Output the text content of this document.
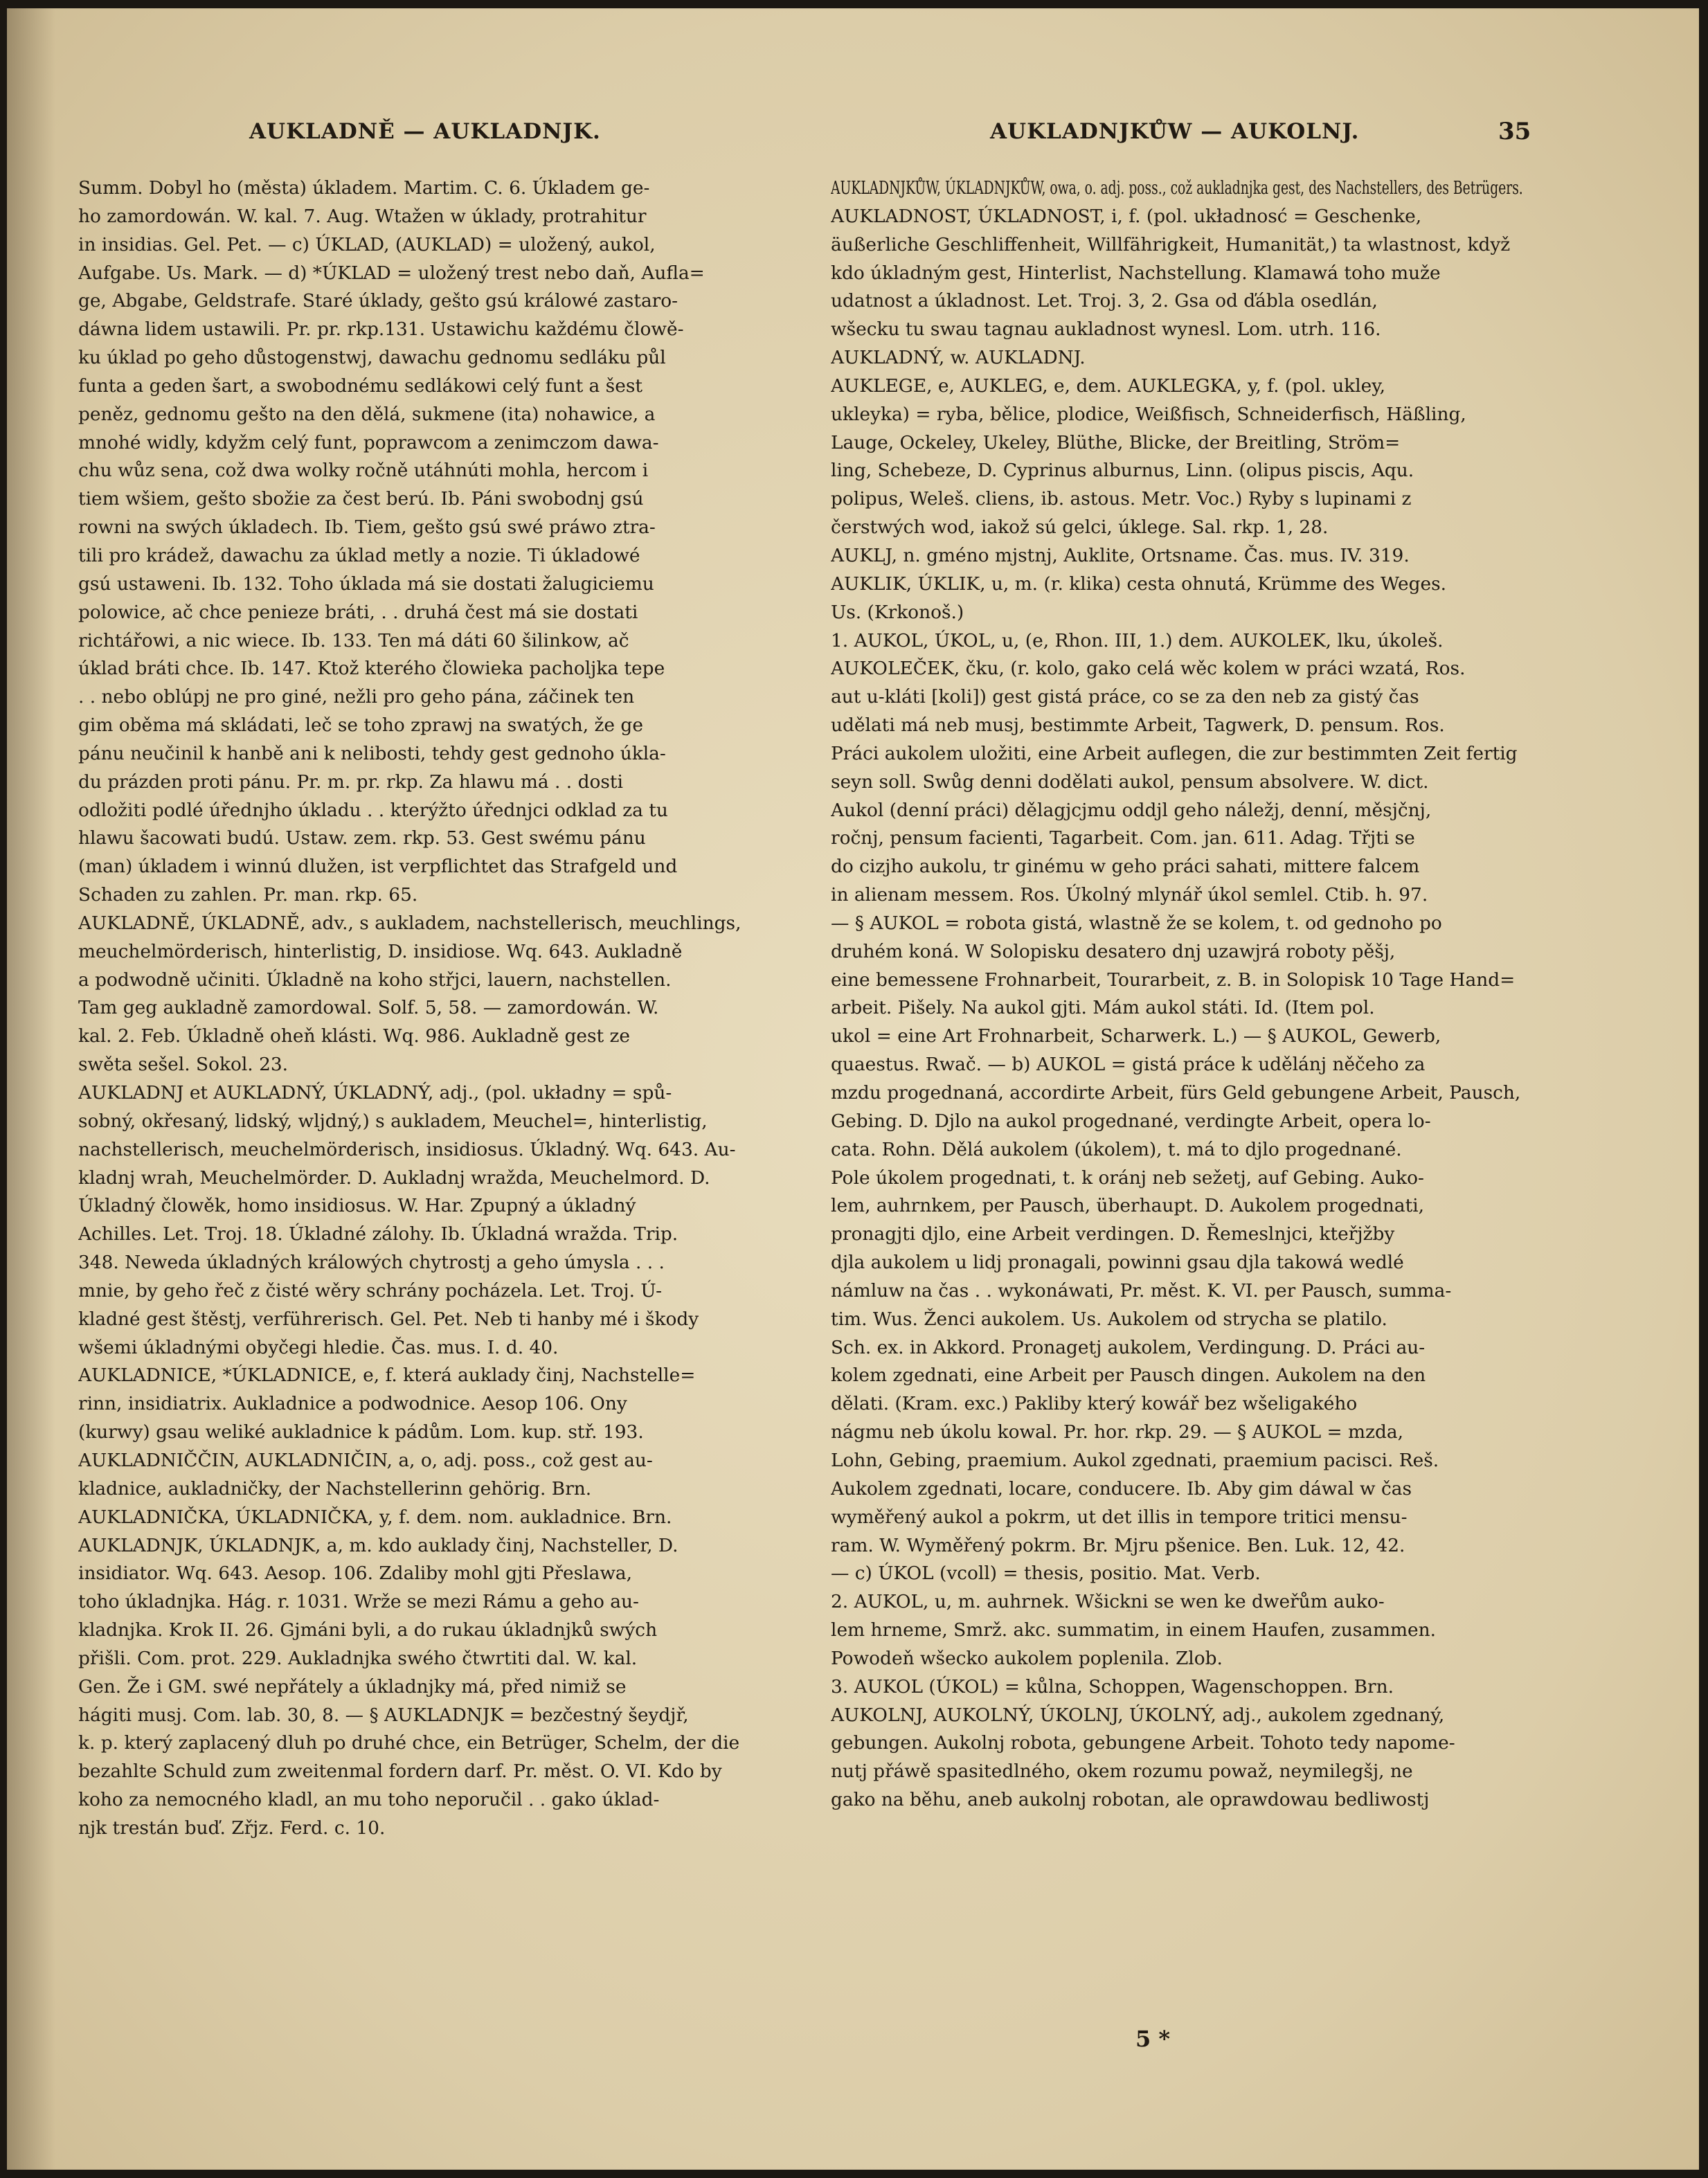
AUKLADNĚ — AUKLADNJK.	AUKLADNJKŮW — AUKOLNJ.	35
Summ. Dobyl ho (města) úkladem. Martim. C. 6. Úkladem ge-
ho zamordowán. W. kal. 7. Aug. Wtažen w úklady, protrahitur
in insidias. Gel. Pet. — c) ÚKLAD, (AUKLAD) = uložený, aukol,
Aufgabe. Us. Mark. — d) *ÚKLAD = uložený trest nebo daň, Aufla=
ge, Abgabe, Geldstrafe. Staré úklady, gešto gsú králowé zastaro-
dáwna lidem ustawili. Pr. pr. rkp.131. Ustawichu každému člowě-
ku úklad po geho důstogenstwj, dawachu gednomu sedláku půl
funta a geden šart, a swobodnému sedlákowi celý funt a šest
peněz, gednomu gešto na den dělá, sukmene (ita) nohawice, a
mnohé widly, kdyžm celý funt, poprawcom a zenimczom dawa-
chu wůz sena, což dwa wolky ročně utáhnúti mohla, hercom i
tiem wšiem, gešto sbožie za čest berú. Ib. Páni swobodnj gsú
rowni na swých úkladech. Ib. Tiem, gešto gsú swé práwo ztra-
tili pro krádež, dawachu za úklad metly a nozie. Ti úkladowé
gsú ustaweni. Ib. 132. Toho úklada má sie dostati žalugiciemu
polowice, ač chce penieze bráti, . . druhá čest má sie dostati
richtářowi, a nic wiece. Ib. 133. Ten má dáti 60 šilinkow, ač
úklad bráti chce. Ib. 147. Ktož kterého člowieka pacholjka tepe
. . nebo oblúpj ne pro giné, nežli pro geho pána, záčinek ten
gim oběma má skládati, leč se toho zprawj na swatých, že ge
pánu neučinil k hanbě ani k nelibosti, tehdy gest gednoho úkla-
du prázden proti pánu. Pr. m. pr. rkp. Za hlawu má . . dosti
odložiti podlé úřednjho úkladu . . kterýžto úřednjci odklad za tu
hlawu šacowati budú. Ustaw. zem. rkp. 53. Gest swému pánu
(man) úkladem i winnú dlužen, ist verpflichtet das Strafgeld und
Schaden zu zahlen. Pr. man. rkp. 65.
AUKLADNĚ, ÚKLADNĚ, adv., s aukladem, nachstellerisch, meuchlings,
meuchelmörderisch, hinterlistig, D. insidiose. Wq. 643. Aukladně
a podwodně učiniti. Úkladně na koho střjci, lauern, nachstellen.
Tam geg aukladně zamordowal. Solf. 5, 58. — zamordowán. W.
kal. 2. Feb. Úkladně oheň klásti. Wq. 986. Aukladně gest ze
swěta sešel. Sokol. 23.
AUKLADNJ et AUKLADNÝ, ÚKLADNÝ, adj., (pol. układny = spů-
sobný, okřesaný, lidský, wljdný,) s aukladem, Meuchel=, hinterlistig,
nachstellerisch, meuchelmörderisch, insidiosus. Úkladný. Wq. 643. Au-
kladnj wrah, Meuchelmörder. D. Aukladnj wražda, Meuchelmord. D.
Úkladný člowěk, homo insidiosus. W. Har. Zpupný a úkladný
Achilles. Let. Troj. 18. Úkladné zálohy. Ib. Úkladná wražda. Trip.
348. Neweda úkladných králowých chytrostj a geho úmysla . . .
mnie, by geho řeč z čisté wěry schrány pocházela. Let. Troj. Ú-
kladné gest štěstj, verführerisch. Gel. Pet. Neb ti hanby mé i škody
wšemi úkladnými obyčegi hledie. Čas. mus. I. d. 40.
AUKLADNICE, *ÚKLADNICE, e, f. která auklady činj, Nachstelle=
rinn, insidiatrix. Aukladnice a podwodnice. Aesop 106. Ony
(kurwy) gsau weliké aukladnice k pádům. Lom. kup. stř. 193.
AUKLADNIČČIN, AUKLADNIČIN, a, o, adj. poss., což gest au-
kladnice, aukladničky, der Nachstellerinn gehörig. Brn.
AUKLADNIČKA, ÚKLADNIČKA, y, f. dem. nom. aukladnice. Brn.
AUKLADNJK, ÚKLADNJK, a, m. kdo auklady činj, Nachsteller, D.
insidiator. Wq. 643. Aesop. 106. Zdaliby mohl gjti Přeslawa,
toho úkladnjka. Hág. r. 1031. Wrže se mezi Rámu a geho au-
kladnjka. Krok II. 26. Gjmáni byli, a do rukau úkladnjků swých
přišli. Com. prot. 229. Aukladnjka swého čtwrtiti dal. W. kal.
Gen. Že i GM. swé nepřátely a úkladnjky má, před nimiž se
hágiti musj. Com. lab. 30, 8. — § AUKLADNJK = bezčestný šeydjř,
k. p. který zaplacený dluh po druhé chce, ein Betrüger, Schelm, der die
bezahlte Schuld zum zweitenmal fordern darf. Pr. měst. O. VI. Kdo by
koho za nemocného kladl, an mu toho neporučil . . gako úklad-
njk trestán buď. Zřjz. Ferd. c. 10.
AUKLADNJKŮW, ÚKLADNJKŮW, owa, o. adj. poss., což aukladnjka gest, des Nachstellers, des Betrügers.
AUKLADNOST, ÚKLADNOST, i, f. (pol. układnosć = Geschenke,
äußerliche Geschliffenheit, Willfährigkeit, Humanität,) ta wlastnost, když
kdo úkladným gest, Hinterlist, Nachstellung. Klamawá toho muže
udatnost a úkladnost. Let. Troj. 3, 2. Gsa od ďábla osedlán,
wšecku tu swau tagnau aukladnost wynesl. Lom. utrh. 116.
AUKLADNÝ, w. AUKLADNJ.
AUKLEGE, e, AUKLEG, e, dem. AUKLEGKA, y, f. (pol. ukley,
ukleyka) = ryba, bělice, plodice, Weißfisch, Schneiderfisch, Häßling,
Lauge, Ockeley, Ukeley, Blüthe, Blicke, der Breitling, Ström=
ling, Schebeze, D. Cyprinus alburnus, Linn. (olipus piscis, Aqu.
polipus, Weleš. cliens, ib. astous. Metr. Voc.) Ryby s lupinami z
čerstwých wod, iakož sú gelci, úklege. Sal. rkp. 1, 28.
AUKLJ, n. gméno mjstnj, Auklite, Ortsname. Čas. mus. IV. 319.
AUKLIK, ÚKLIK, u, m. (r. klika) cesta ohnutá, Krümme des Weges.
Us. (Krkonoš.)
1. AUKOL, ÚKOL, u, (e, Rhon. III, 1.) dem. AUKOLEK, lku, úkoleš.
AUKOLEČEK, čku, (r. kolo, gako celá wěc kolem w práci wzatá, Ros.
aut u-kláti [koli]) gest gistá práce, co se za den neb za gistý čas
udělati má neb musj, bestimmte Arbeit, Tagwerk, D. pensum. Ros.
Práci aukolem uložiti, eine Arbeit auflegen, die zur bestimmten Zeit fertig
seyn soll. Swůg denni dodělati aukol, pensum absolvere. W. dict.
Aukol (denní práci) dělagjcjmu oddjl geho náležj, denní, měsjčnj,
ročnj, pensum facienti, Tagarbeit. Com. jan. 611. Adag. Třjti se
do cizjho aukolu, tr ginému w geho práci sahati, mittere falcem
in alienam messem. Ros. Úkolný mlynář úkol semlel. Ctib. h. 97.
— § AUKOL = robota gistá, wlastně že se kolem, t. od gednoho po
druhém koná. W Solopisku desatero dnj uzawjrá roboty pěšj,
eine bemessene Frohnarbeit, Tourarbeit, z. B. in Solopisk 10 Tage Hand=
arbeit. Pišely. Na aukol gjti. Mám aukol státi. Id. (Item pol.
ukol = eine Art Frohnarbeit, Scharwerk. L.) — § AUKOL, Gewerb,
quaestus. Rwač. — b) AUKOL = gistá práce k udělánj něčeho za
mzdu progednaná, accordirte Arbeit, fürs Geld gebungene Arbeit, Pausch,
Gebing. D. Djlo na aukol progednané, verdingte Arbeit, opera lo-
cata. Rohn. Dělá aukolem (úkolem), t. má to djlo progednané.
Pole úkolem progednati, t. k oránj neb sežetj, auf Gebing. Auko-
lem, auhrnkem, per Pausch, überhaupt. D. Aukolem progednati,
pronagjti djlo, eine Arbeit verdingen. D. Řemeslnjci, kteřjžby
djla aukolem u lidj pronagali, powinni gsau djla takowá wedlé
námluw na čas . . wykonáwati, Pr. měst. K. VI. per Pausch, summa-
tim. Wus. Ženci aukolem. Us. Aukolem od strycha se platilo.
Sch. ex. in Akkord. Pronagetj aukolem, Verdingung. D. Práci au-
kolem zgednati, eine Arbeit per Pausch dingen. Aukolem na den
dělati. (Kram. exc.) Pakliby který kowář bez wšeligakého
nágmu neb úkolu kowal. Pr. hor. rkp. 29. — § AUKOL = mzda,
Lohn, Gebing, praemium. Aukol zgednati, praemium pacisci. Reš.
Aukolem zgednati, locare, conducere. Ib. Aby gim dáwal w čas
wyměřený aukol a pokrm, ut det illis in tempore tritici mensu-
ram. W. Wyměřený pokrm. Br. Mjru pšenice. Ben. Luk. 12, 42.
— c) ÚKOL (vcoll) = thesis, positio. Mat. Verb.
2. AUKOL, u, m. auhrnek. Wšickni se wen ke dweřům auko-
lem hrneme, Smrž. akc. summatim, in einem Haufen, zusammen.
Powodeň wšecko aukolem poplenila. Zlob.
3. AUKOL (ÚKOL) = kůlna, Schoppen, Wagenschoppen. Brn.
AUKOLNJ, AUKOLNÝ, ÚKOLNJ, ÚKOLNÝ, adj., aukolem zgednaný,
gebungen. Aukolnj robota, gebungene Arbeit. Tohoto tedy napome-
nutj přáwě spasitedlného, okem rozumu powaž, neymilegšj, ne
gako na běhu, aneb aukolnj robotan, ale oprawdowau bedliwostj
5 *
